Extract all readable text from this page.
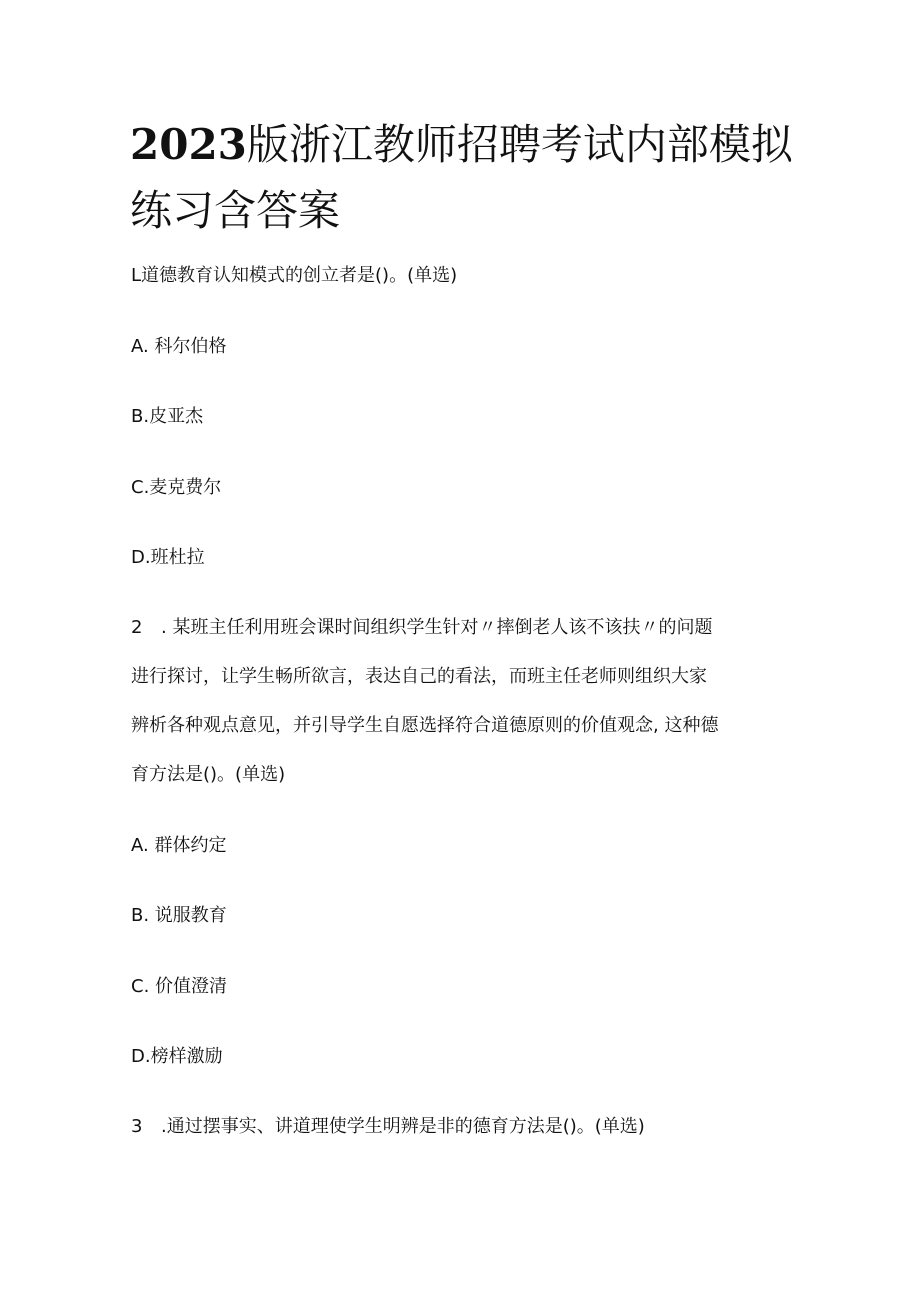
2023版浙江教师招聘考试内部模拟练习含答案

L道德教育认知模式的创立者是()。(单选)

A. 科尔伯格

B.皮亚杰

C.麦克费尔

D.班杜拉

2 . 某班主任利用班会课时间组织学生针对〃摔倒老人该不该扶〃的问题

进行探讨，让学生畅所欲言，表达自己的看法，而班主任老师则组织大家

辨析各种观点意见，并引导学生自愿选择符合道德原则的价值观念, 这种德

育方法是()。(单选)

A. 群体约定

B. 说服教育

C. 价值澄清

D.榜样激励

3 .通过摆事实、讲道理使学生明辨是非的德育方法是()。(单选)
